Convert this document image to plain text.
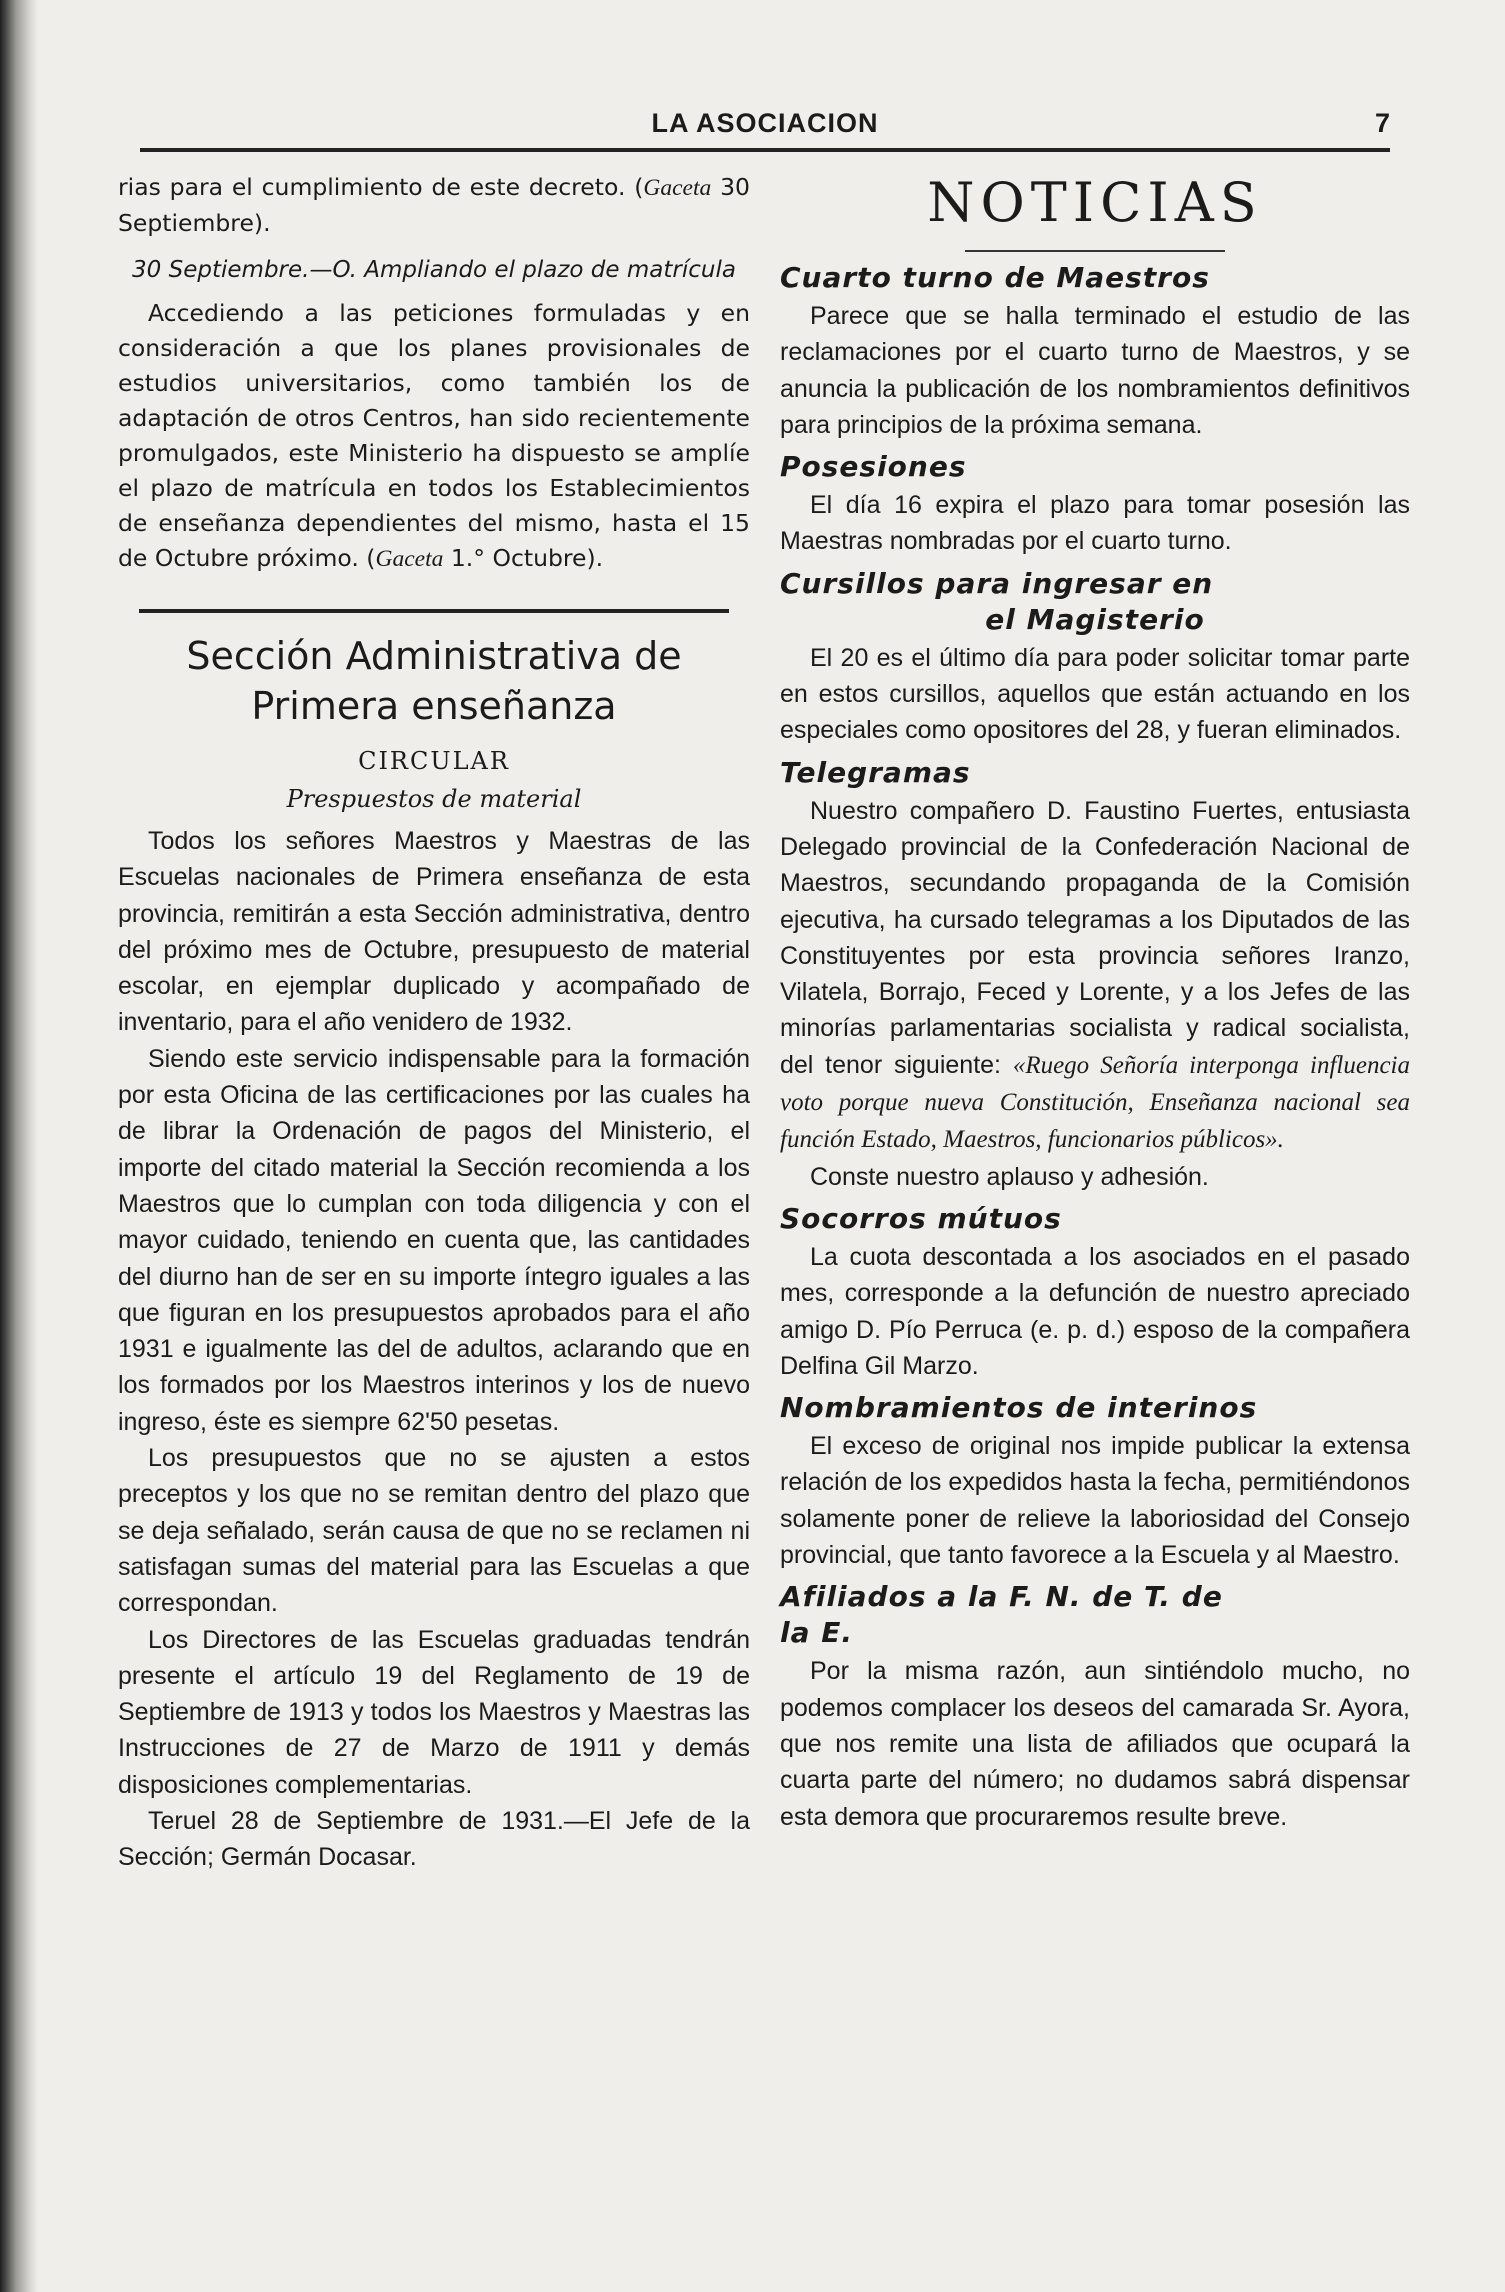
LA ASOCIACION	7

rias para el cumplimiento de este decreto. (Gaceta 30 Septiembre).

30 Septiembre.—O. Ampliando el plazo de matrícula

Accediendo a las peticiones formuladas y en consideración a que los planes provisionales de estudios universitarios, como también los de adaptación de otros Centros, han sido recientemente promulgados, este Ministerio ha dispuesto se amplíe el plazo de matrícula en todos los Establecimientos de enseñanza dependientes del mismo, hasta el 15 de Octubre próximo. (Gaceta 1.° Octubre).

Sección Administrativa de
Primera enseñanza
CIRCULAR
Prespuestos de material

Todos los señores Maestros y Maestras de las Escuelas nacionales de Primera enseñanza de esta provincia, remitirán a esta Sección administrativa, dentro del próximo mes de Octubre, presupuesto de material escolar, en ejemplar duplicado y acompañado de inventario, para el año venidero de 1932.

Siendo este servicio indispensable para la formación por esta Oficina de las certificaciones por las cuales ha de librar la Ordenación de pagos del Ministerio, el importe del citado material la Sección recomienda a los Maestros que lo cumplan con toda diligencia y con el mayor cuidado, teniendo en cuenta que, las cantidades del diurno han de ser en su importe íntegro iguales a las que figuran en los presupuestos aprobados para el año 1931 e igualmente las del de adultos, aclarando que en los formados por los Maestros interinos y los de nuevo ingreso, éste es siempre 62'50 pesetas.

Los presupuestos que no se ajusten a estos preceptos y los que no se remitan dentro del plazo que se deja señalado, serán causa de que no se reclamen ni satisfagan sumas del material para las Escuelas a que correspondan.

Los Directores de las Escuelas graduadas tendrán presente el artículo 19 del Reglamento de 19 de Septiembre de 1913 y todos los Maestros y Maestras las Instrucciones de 27 de Marzo de 1911 y demás disposiciones complementarias.

Teruel 28 de Septiembre de 1931.—El Jefe de la Sección; Germán Docasar.

NOTICIAS
Cuarto turno de Maestros

Parece que se halla terminado el estudio de las reclamaciones por el cuarto turno de Maestros, y se anuncia la publicación de los nombramientos definitivos para principios de la próxima semana.

Posesiones

El día 16 expira el plazo para tomar posesión las Maestras nombradas por el cuarto turno.

Cursillos para ingresar en

el Magisterio

El 20 es el último día para poder solicitar tomar parte en estos cursillos, aquellos que están actuando en los especiales como opositores del 28, y fueran eliminados.

Telegramas

Nuestro compañero D. Faustino Fuertes, entusiasta Delegado provincial de la Confederación Nacional de Maestros, secundando propaganda de la Comisión ejecutiva, ha cursado telegramas a los Diputados de las Constituyentes por esta provincia señores Iranzo, Vilatela, Borrajo, Feced y Lorente, y a los Jefes de las minorías parlamentarias socialista y radical socialista, del tenor siguiente: «Ruego Señoría interponga influencia voto porque nueva Constitución, Enseñanza nacional sea función Estado, Maestros, funcionarios públicos».

Conste nuestro aplauso y adhesión.

Socorros mútuos

La cuota descontada a los asociados en el pasado mes, corresponde a la defunción de nuestro apreciado amigo D. Pío Perruca (e. p. d.) esposo de la compañera Delfina Gil Marzo.

Nombramientos de interinos

El exceso de original nos impide publicar la extensa relación de los expedidos hasta la fecha, permitiéndonos solamente poner de relieve la laboriosidad del Consejo provincial, que tanto favorece a la Escuela y al Maestro.

Afiliados a la F. N. de T. de
la E.

Por la misma razón, aun sintiéndolo mucho, no podemos complacer los deseos del camarada Sr. Ayora, que nos remite una lista de afiliados que ocupará la cuarta parte del número; no dudamos sabrá dispensar esta demora que procuraremos resulte breve.
